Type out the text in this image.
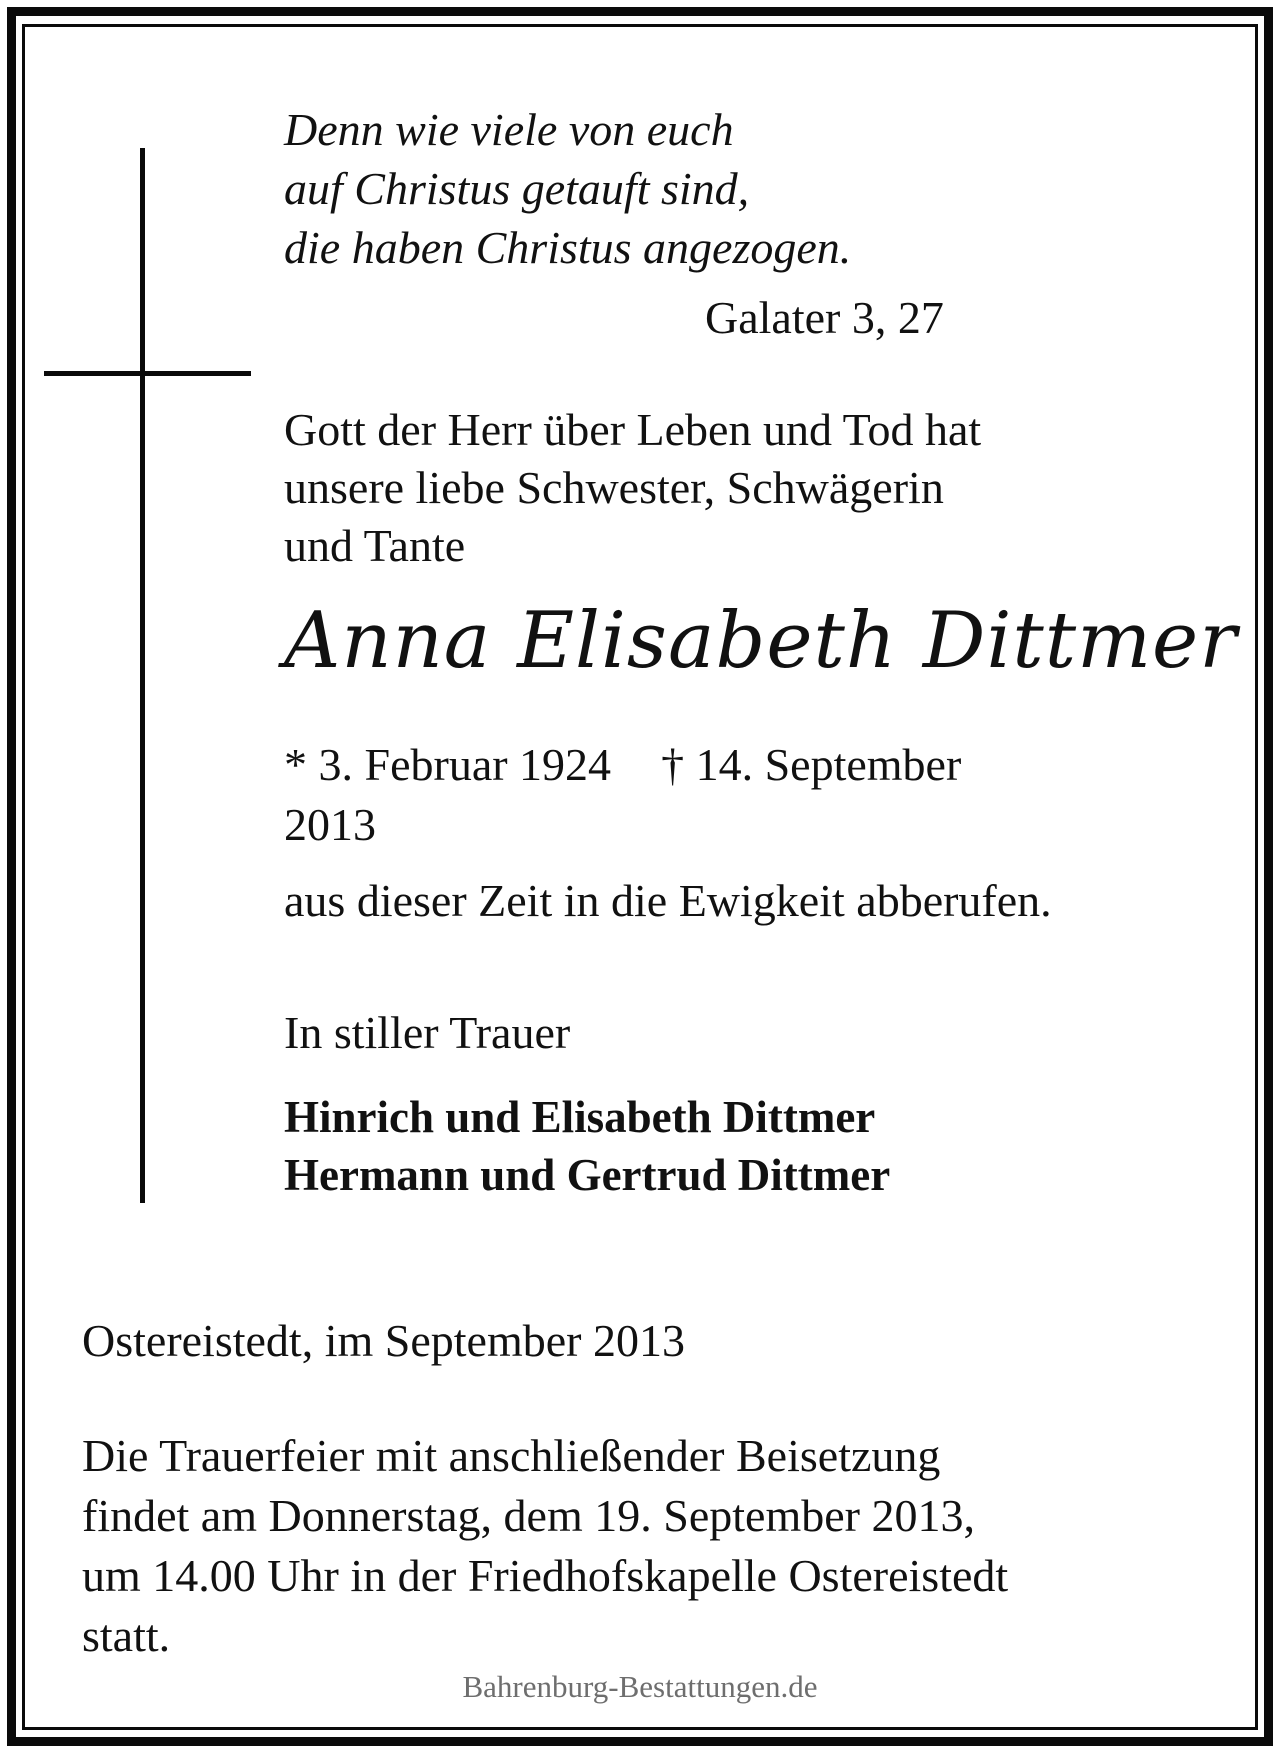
Denn wie viele von euch
auf Christus getauft sind,
die haben Christus angezogen.
Galater 3, 27
Gott der Herr über Leben und Tod hat
unsere liebe Schwester, Schwägerin
und Tante
Anna Elisabeth Dittmer
* 3. Februar 1924 † 14. September
2013
aus dieser Zeit in die Ewigkeit abberufen.
In stiller Trauer
Hinrich und Elisabeth Dittmer
Hermann und Gertrud Dittmer
Ostereistedt, im September 2013
Die Trauerfeier mit anschließender Beisetzung
findet am Donnerstag, dem 19. September 2013,
um 14.00 Uhr in der Friedhofskapelle Ostereistedt
statt.
Bahrenburg-Bestattungen.de
